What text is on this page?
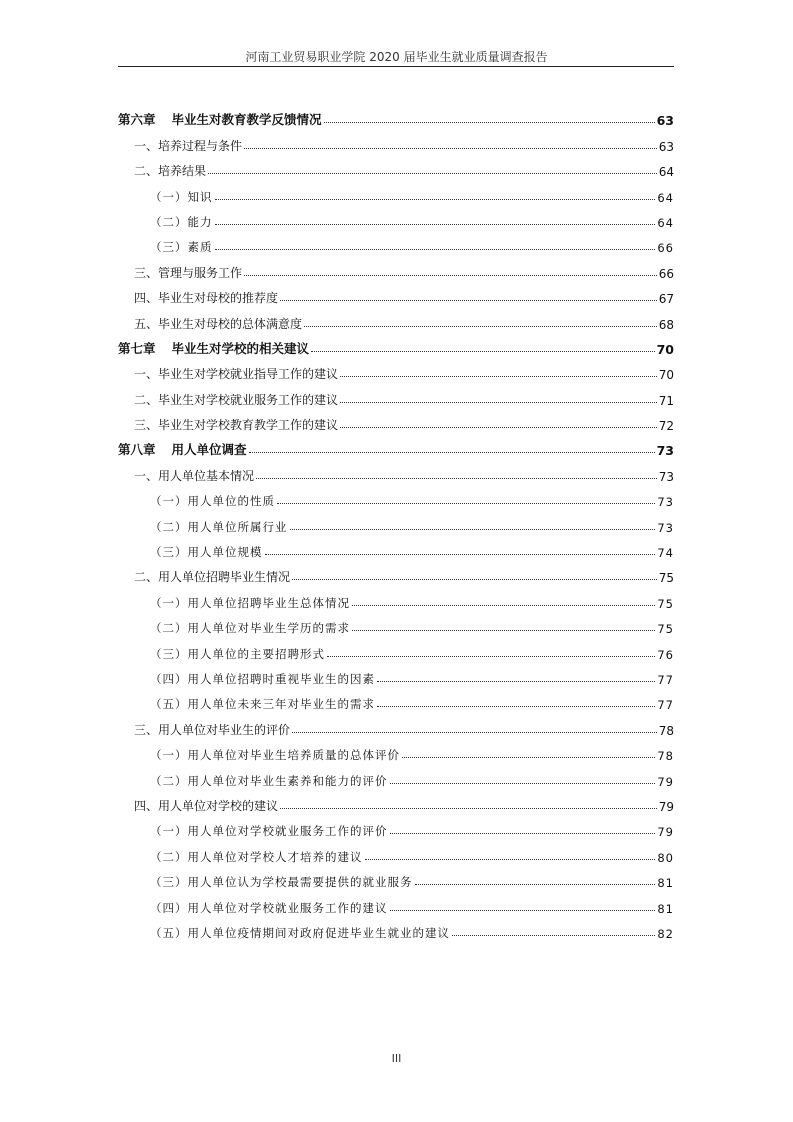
河南工业贸易职业学院 2020 届毕业生就业质量调查报告
第六章 毕业生对教育教学反馈情况	63
一、培养过程与条件	63
二、培养结果	64
（一）知识	64
（二）能力	64
（三）素质	66
三、管理与服务工作	66
四、毕业生对母校的推荐度	67
五、毕业生对母校的总体满意度	68
第七章 毕业生对学校的相关建议	70
一、毕业生对学校就业指导工作的建议	70
二、毕业生对学校就业服务工作的建议	71
三、毕业生对学校教育教学工作的建议	72
第八章 用人单位调查	73
一、用人单位基本情况	73
（一）用人单位的性质	73
（二）用人单位所属行业	73
（三）用人单位规模	74
二、用人单位招聘毕业生情况	75
（一）用人单位招聘毕业生总体情况	75
（二）用人单位对毕业生学历的需求	75
（三）用人单位的主要招聘形式	76
（四）用人单位招聘时重视毕业生的因素	77
（五）用人单位未来三年对毕业生的需求	77
三、用人单位对毕业生的评价	78
（一）用人单位对毕业生培养质量的总体评价	78
（二）用人单位对毕业生素养和能力的评价	79
四、用人单位对学校的建议	79
（一）用人单位对学校就业服务工作的评价	79
（二）用人单位对学校人才培养的建议	80
（三）用人单位认为学校最需要提供的就业服务	81
（四）用人单位对学校就业服务工作的建议	81
（五）用人单位疫情期间对政府促进毕业生就业的建议	82
III
